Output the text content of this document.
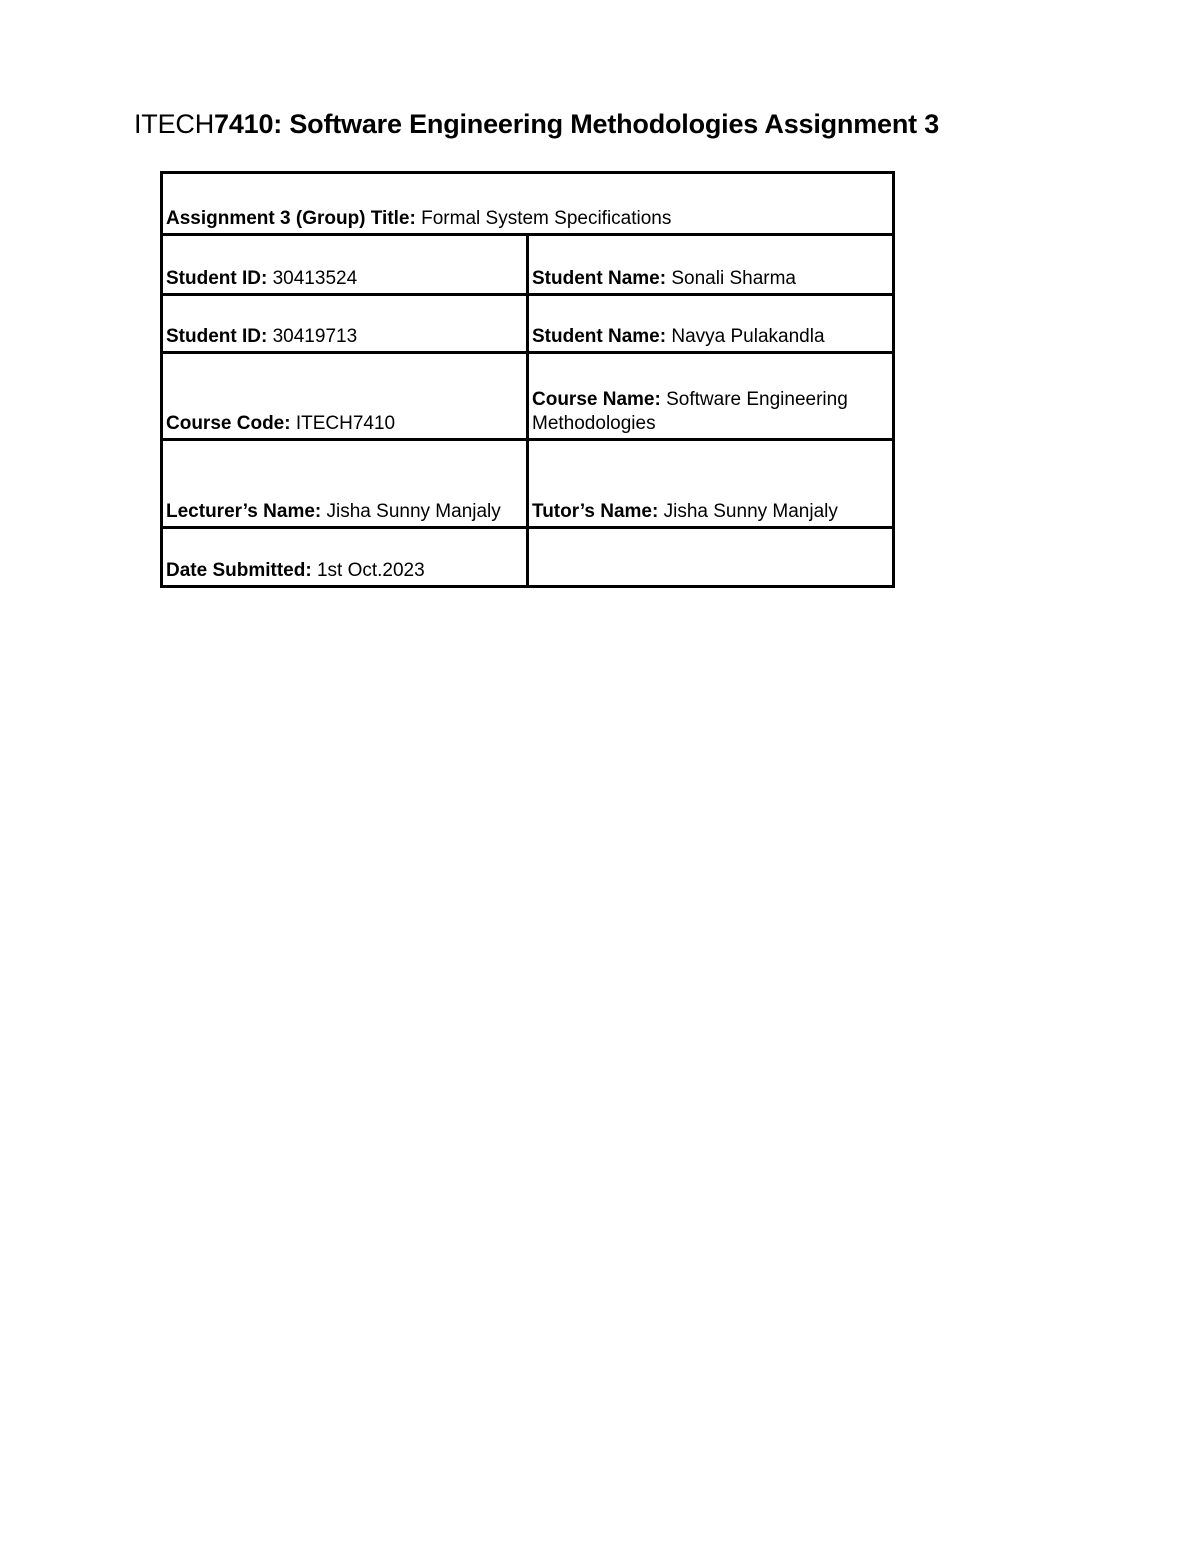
ITECH7410: Software Engineering Methodologies Assignment 3
Assignment 3 (Group) Title: Formal System Specifications	
Student ID: 30413524	Student Name: Sonali Sharma
Student ID: 30419713	Student Name: Navya Pulakandla
Course Code: ITECH7410	Course Name: Software Engineering Methodologies
Lecturer’s Name: Jisha Sunny Manjaly	Tutor’s Name: Jisha Sunny Manjaly
Date Submitted: 1st Oct.2023	
